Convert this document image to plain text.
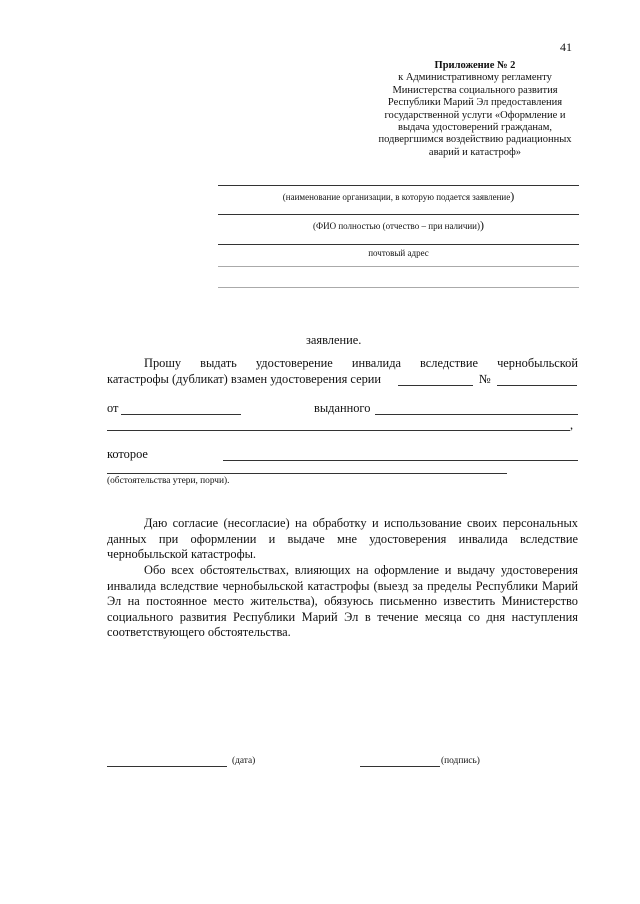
41
Приложение № 2
к Административному регламенту
Министерства социального развития
Республики Марий Эл предоставления
государственной услуги «Оформление и
выдача удостоверений гражданам,
подвергшимся воздействию радиационных
аварий и катастроф»
(наименование организации, в которую подается заявление)
(ФИО полностью (отчество – при наличии))
почтовый адрес
заявление.
Прошу выдать удостоверение инвалида вследствие чернобыльской
катастрофы (дубликат) взамен удостоверения серии	№
от	выданного
,
которое
(обстоятельства утери, порчи).
Даю согласие (несогласие) на обработку и использование своих персональных данных при оформлении и выдаче мне удостоверения инвалида вследствие чернобыльской катастрофы.
Обо всех обстоятельствах, влияющих на оформление и выдачу удостоверения инвалида вследствие чернобыльской катастрофы (выезд за пределы Республики Марий Эл на постоянное место жительства), обязуюсь письменно известить Министерство социального развития Республики Марий Эл в течение месяца со дня наступления соответствующего обстоятельства.
(дата)	(подпись)
